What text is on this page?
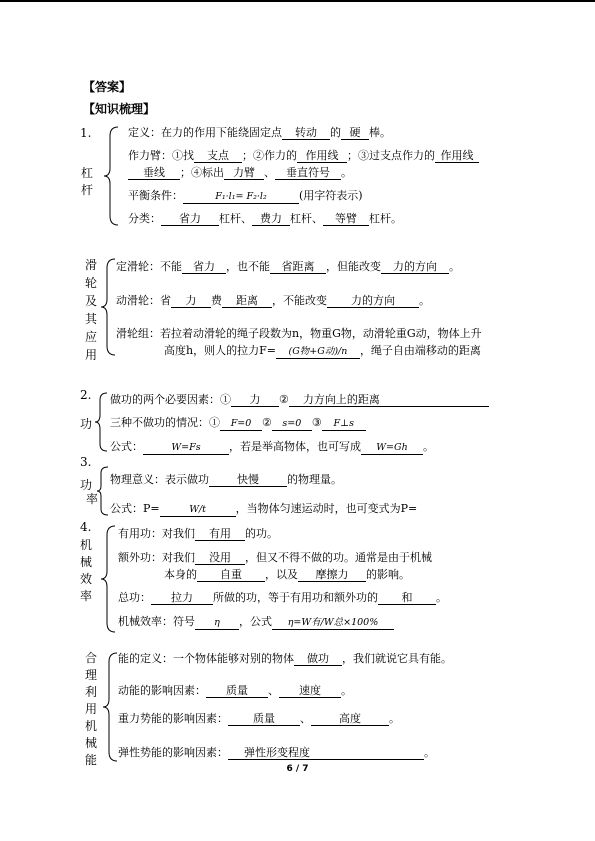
【答案】
【知识梳理】
1.
杠
杆
定义：在力的作用下能绕固定点 转动 的 硬 棒。
作力臂：①找 支点 ；②作力的 作用线 ；③过支点作力的 作用线
垂线 ；④标出 力臂 、 垂直符号 。
平衡条件：	F₁·l₁= F₂·l₂	(用字符表示)
分类： 省力 杠杆、 费力 杠杆、 等臂 杠杆。
滑
轮
及
其
应
用
定滑轮：不能 省力 ，也不能 省距离 ，但能改变 力的方向 。
动滑轮：省 力 费 距离 ，不能改变 力的方向 。
滑轮组：若拉着动滑轮的绳子段数为n，物重G物，动滑轮重G动，物体上升
高度h，则人的拉力F= (G物+G动)/n ，绳子自由端移动的距离
2.
功
做功的两个必要因素：① 力 ② 力方向上的距离
三种不做功的情况：① F=0 ② s=0 ③ F⊥s
公式：	W=Fs	，若是举高物体，也可写成 W=Gh 。
3.
功
率
物理意义：表示做功	快慢	的物理量。
公式：P=	W/t	，当物体匀速运动时，也可变式为P=
4.
机
械
效
率
有用功：对我们 有用 的功。
额外功：对我们 没用 ，但又不得不做的功。通常是由于机械
本身的 自重 ，以及 摩擦力 的影响。
总功： 拉力 所做的功，等于有用功和额外功的 和 。
机械效率：符号 η ，公式 η=W有/W总×100%
合
理
利
用
机
械
能
能的定义：一个物体能够对别的物体 做功 ，我们就说它具有能。
动能的影响因素： 质量 、 速度 。
重力势能的影响因素： 质量 、	高度	。
弹性势能的影响因素： 弹性形变程度	。
6 / 7
